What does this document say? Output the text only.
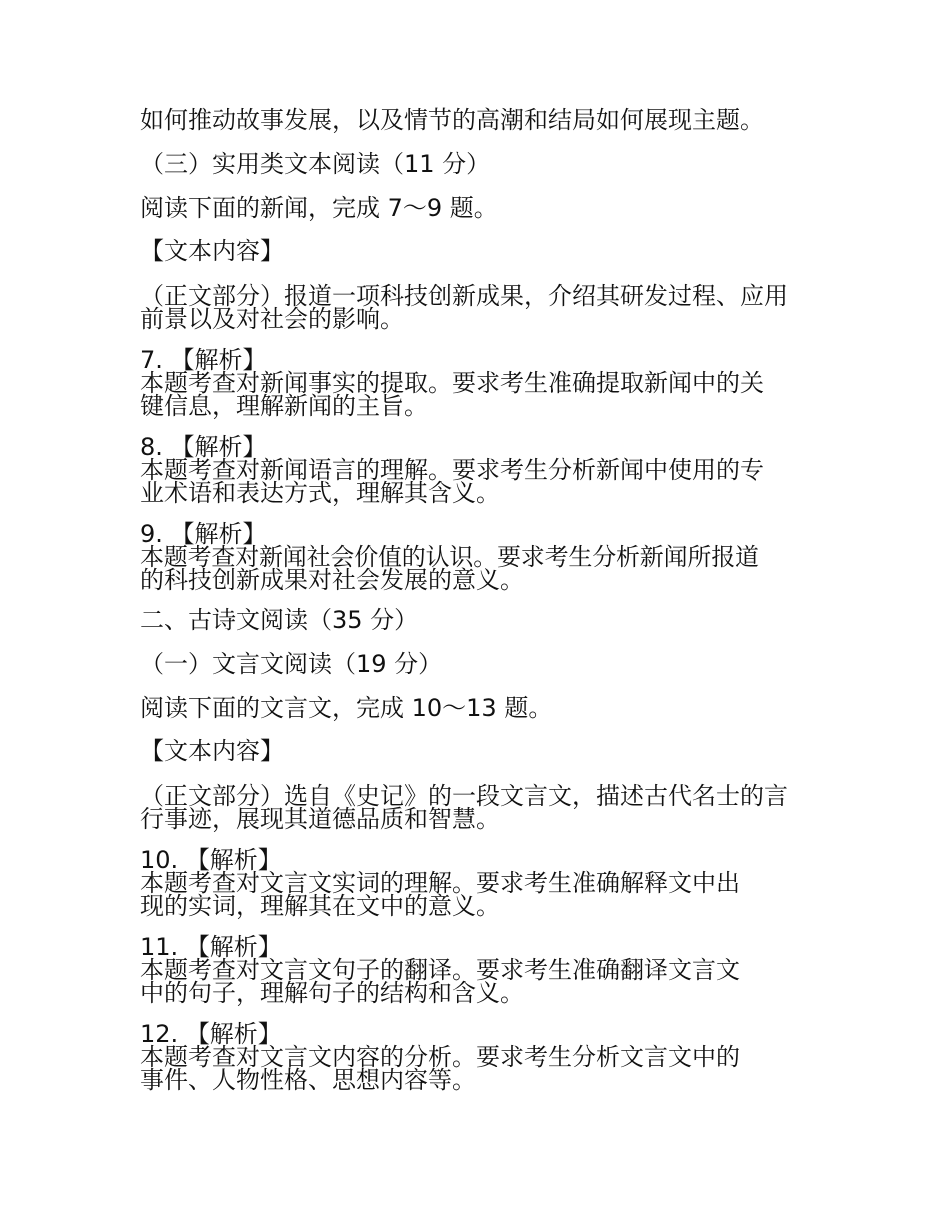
如何推动故事发展，以及情节的高潮和结局如何展现主题。

（三）实用类文本阅读（11 分）

阅读下面的新闻，完成 7～9 题。

【文本内容】

（正文部分）报道一项科技创新成果，介绍其研发过程、应用

前景以及对社会的影响。

7. 【解析】

本题考查对新闻事实的提取。要求考生准确提取新闻中的关

键信息，理解新闻的主旨。

8. 【解析】

本题考查对新闻语言的理解。要求考生分析新闻中使用的专

业术语和表达方式，理解其含义。

9. 【解析】

本题考查对新闻社会价值的认识。要求考生分析新闻所报道

的科技创新成果对社会发展的意义。

二、古诗文阅读（35 分）

（一）文言文阅读（19 分）

阅读下面的文言文，完成 10～13 题。

【文本内容】

（正文部分）选自《史记》的一段文言文，描述古代名士的言

行事迹，展现其道德品质和智慧。

10. 【解析】

本题考查对文言文实词的理解。要求考生准确解释文中出

现的实词，理解其在文中的意义。

11. 【解析】

本题考查对文言文句子的翻译。要求考生准确翻译文言文

中的句子，理解句子的结构和含义。

12. 【解析】

本题考查对文言文内容的分析。要求考生分析文言文中的

事件、人物性格、思想内容等。
